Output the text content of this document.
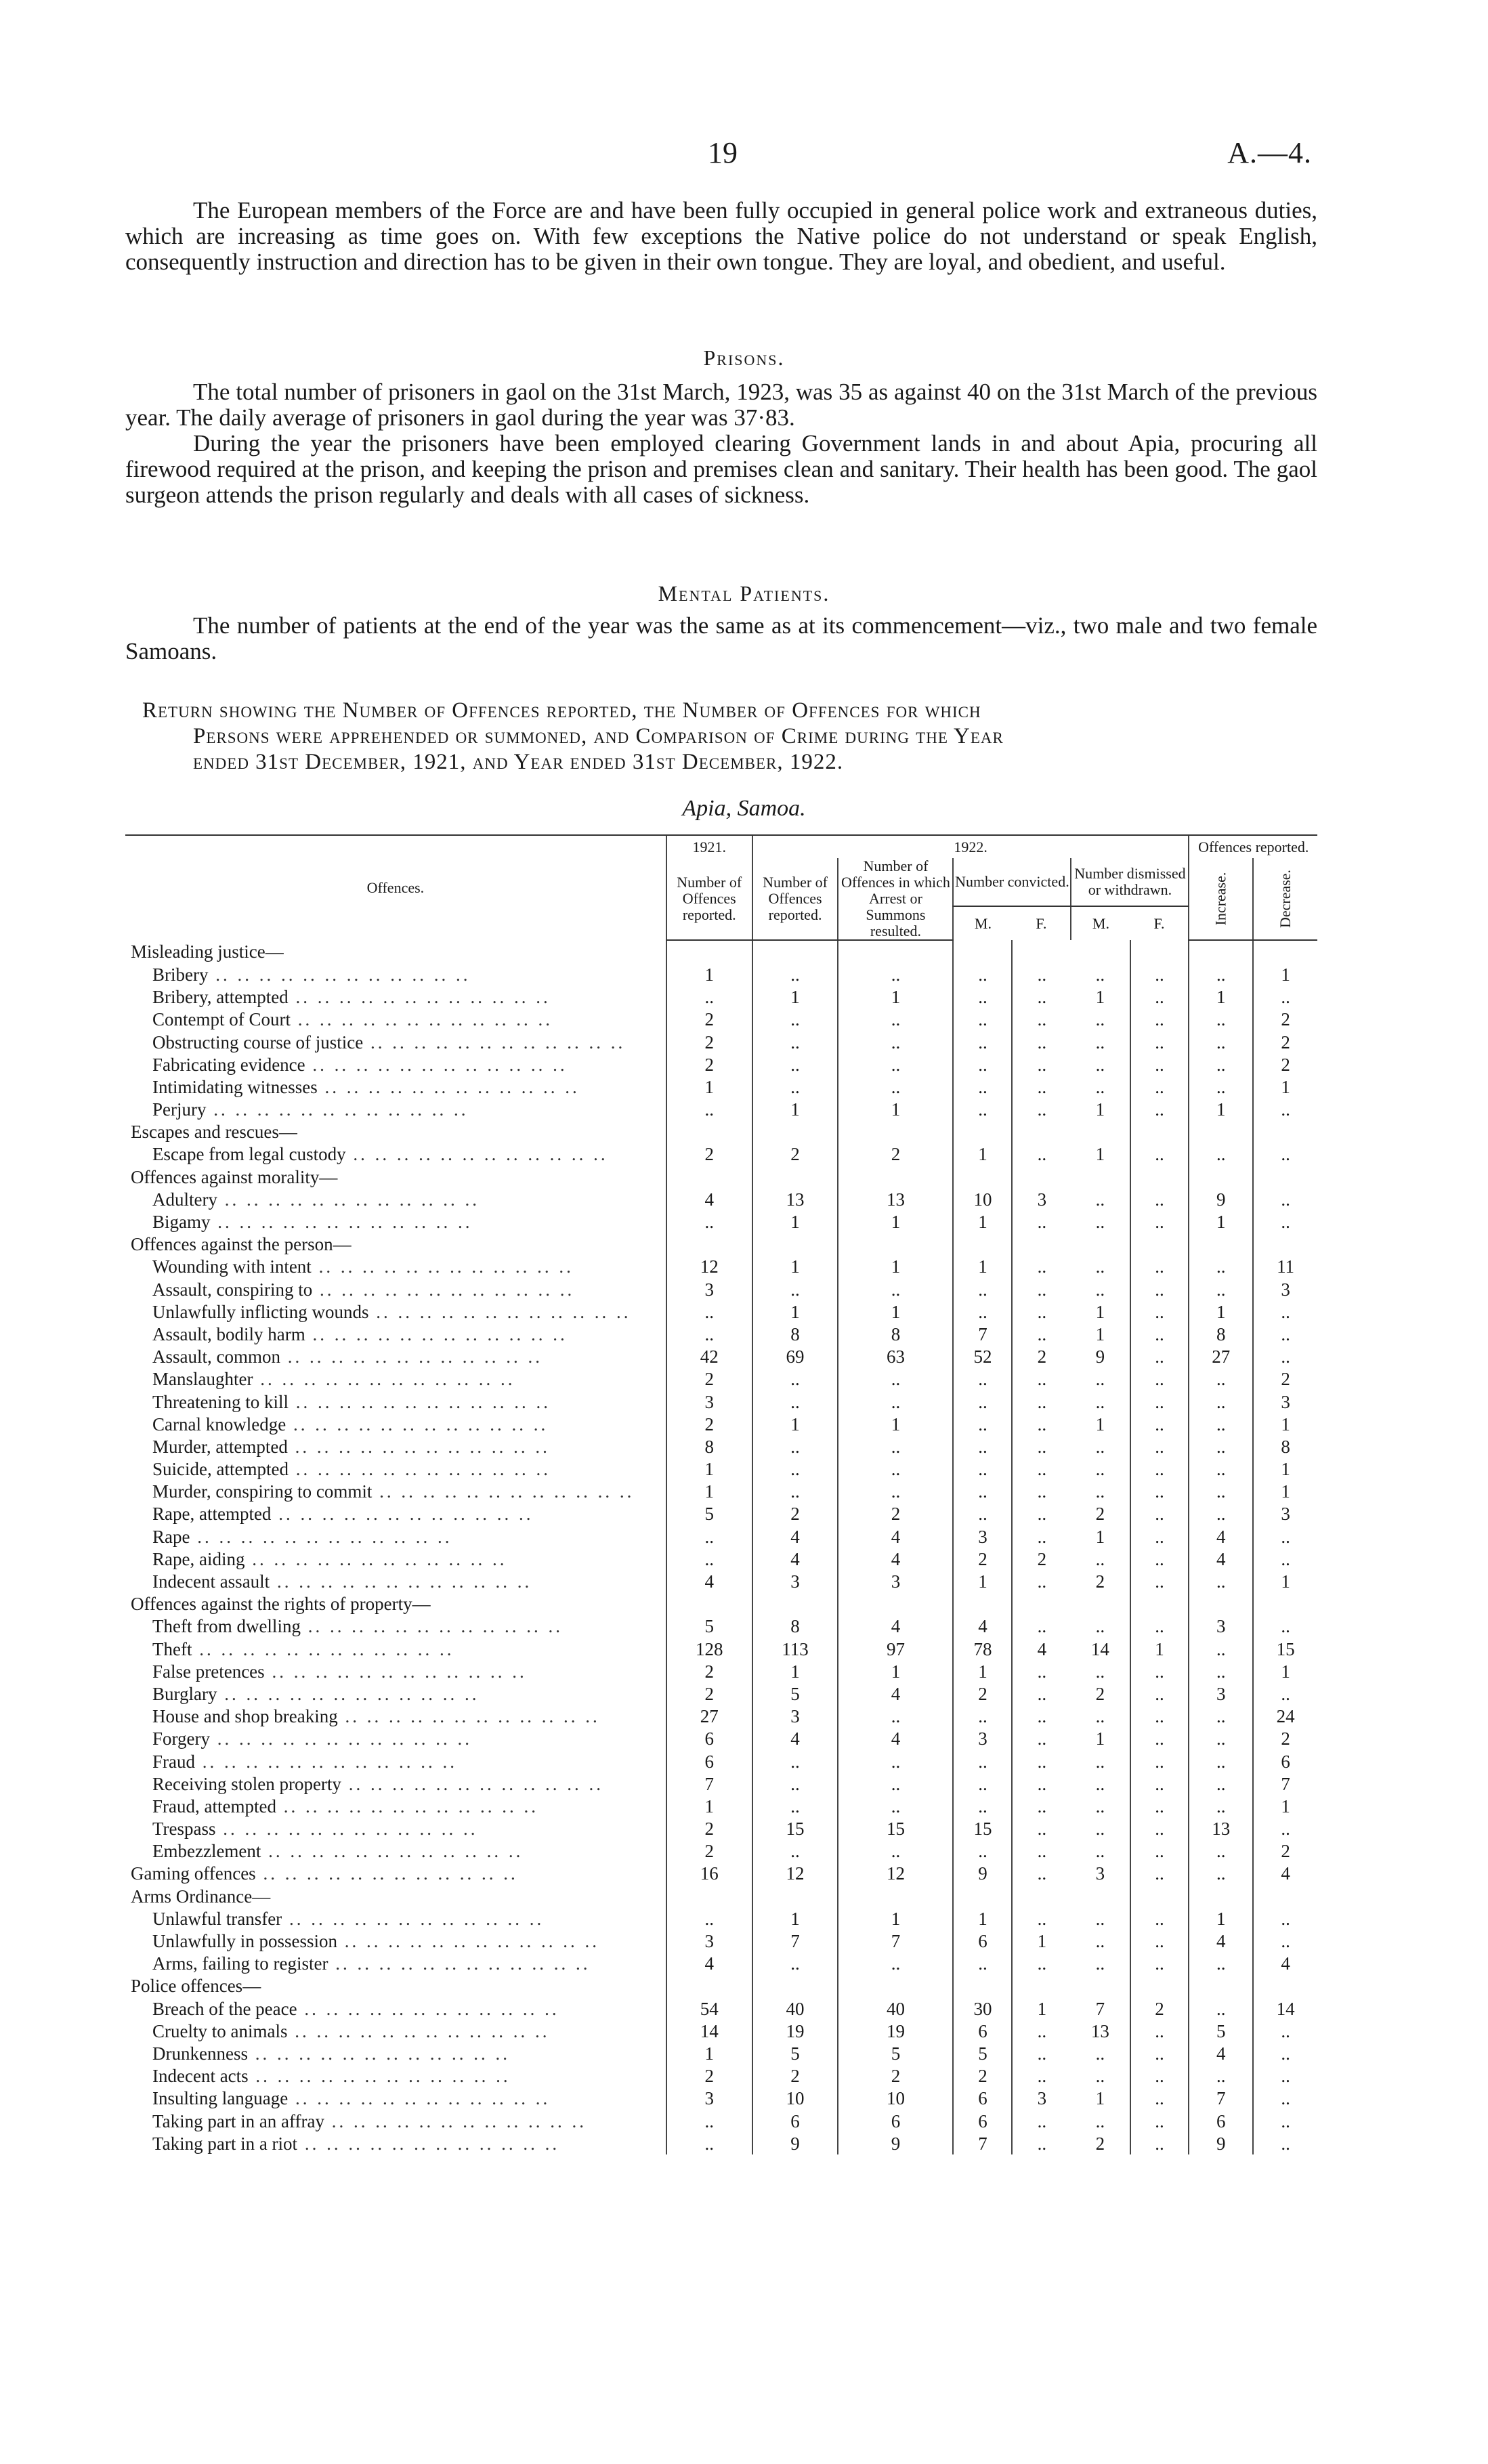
19	A.—4.

The European members of the Force are and have been fully occupied in general police work and extraneous duties, which are increasing as time goes on. With few exceptions the Native police do not understand or speak English, consequently instruction and direction has to be given in their own tongue. They are loyal, and obedient, and useful.

Prisons.

The total number of prisoners in gaol on the 31st March, 1923, was 35 as against 40 on the 31st March of the previous year. The daily average of prisoners in gaol during the year was 37·83.

During the year the prisoners have been employed clearing Government lands in and about Apia, procuring all firewood required at the prison, and keeping the prison and premises clean and sanitary. Their health has been good. The gaol surgeon attends the prison regularly and deals with all cases of sickness.

Mental Patients.

The number of patients at the end of the year was the same as at its commencement—viz., two male and two female Samoans.

Return showing the Number of Offences reported, the Number of Offences for which
Persons were apprehended or summoned, and Comparison of Crime during the Year
ended 31st December, 1921, and Year ended 31st December, 1922.
Apia, Samoa.
Offences.	1921.	1922.						Offences reported.	
	Number of Offences reported.	Number of Offences reported.	Number of Offences in which Arrest or Summons resulted.	Number convicted.		Number dismissed or withdrawn.		Increase.	Decrease.
				M.	F.	M.	F.		
Misleading justice—									
Bribery .. .. .. .. .. .. .. .. .. .. .. ..	1	..	..	..	..	..	..	..	1
Bribery, attempted .. .. .. .. .. .. .. .. .. .. .. ..	..	1	1	..	..	1	..	1	..
Contempt of Court .. .. .. .. .. .. .. .. .. .. .. ..	2	..	..	..	..	..	..	..	2
Obstructing course of justice .. .. .. .. .. .. .. .. .. .. .. ..	2	..	..	..	..	..	..	..	2
Fabricating evidence .. .. .. .. .. .. .. .. .. .. .. ..	2	..	..	..	..	..	..	..	2
Intimidating witnesses .. .. .. .. .. .. .. .. .. .. .. ..	1	..	..	..	..	..	..	..	1
Perjury .. .. .. .. .. .. .. .. .. .. .. ..	..	1	1	..	..	1	..	1	..
Escapes and rescues—									
Escape from legal custody .. .. .. .. .. .. .. .. .. .. .. ..	2	2	2	1	..	1	..	..	..
Offences against morality—									
Adultery .. .. .. .. .. .. .. .. .. .. .. ..	4	13	13	10	3	..	..	9	..
Bigamy .. .. .. .. .. .. .. .. .. .. .. ..	..	1	1	1	..	..	..	1	..
Offences against the person—									
Wounding with intent .. .. .. .. .. .. .. .. .. .. .. ..	12	1	1	1	..	..	..	..	11
Assault, conspiring to .. .. .. .. .. .. .. .. .. .. .. ..	3	..	..	..	..	..	..	..	3
Unlawfully inflicting wounds .. .. .. .. .. .. .. .. .. .. .. ..	..	1	1	..	..	1	..	1	..
Assault, bodily harm .. .. .. .. .. .. .. .. .. .. .. ..	..	8	8	7	..	1	..	8	..
Assault, common .. .. .. .. .. .. .. .. .. .. .. ..	42	69	63	52	2	9	..	27	..
Manslaughter .. .. .. .. .. .. .. .. .. .. .. ..	2	..	..	..	..	..	..	..	2
Threatening to kill .. .. .. .. .. .. .. .. .. .. .. ..	3	..	..	..	..	..	..	..	3
Carnal knowledge .. .. .. .. .. .. .. .. .. .. .. ..	2	1	1	..	..	1	..	..	1
Murder, attempted .. .. .. .. .. .. .. .. .. .. .. ..	8	..	..	..	..	..	..	..	8
Suicide, attempted .. .. .. .. .. .. .. .. .. .. .. ..	1	..	..	..	..	..	..	..	1
Murder, conspiring to commit .. .. .. .. .. .. .. .. .. .. .. ..	1	..	..	..	..	..	..	..	1
Rape, attempted .. .. .. .. .. .. .. .. .. .. .. ..	5	2	2	..	..	2	..	..	3
Rape .. .. .. .. .. .. .. .. .. .. .. ..	..	4	4	3	..	1	..	4	..
Rape, aiding .. .. .. .. .. .. .. .. .. .. .. ..	..	4	4	2	2	..	..	4	..
Indecent assault .. .. .. .. .. .. .. .. .. .. .. ..	4	3	3	1	..	2	..	..	1
Offences against the rights of property—									
Theft from dwelling .. .. .. .. .. .. .. .. .. .. .. ..	5	8	4	4	..	..	..	3	..
Theft .. .. .. .. .. .. .. .. .. .. .. ..	128	113	97	78	4	14	1	..	15
False pretences .. .. .. .. .. .. .. .. .. .. .. ..	2	1	1	1	..	..	..	..	1
Burglary .. .. .. .. .. .. .. .. .. .. .. ..	2	5	4	2	..	2	..	3	..
House and shop breaking .. .. .. .. .. .. .. .. .. .. .. ..	27	3	..	..	..	..	..	..	24
Forgery .. .. .. .. .. .. .. .. .. .. .. ..	6	4	4	3	..	1	..	..	2
Fraud .. .. .. .. .. .. .. .. .. .. .. ..	6	..	..	..	..	..	..	..	6
Receiving stolen property .. .. .. .. .. .. .. .. .. .. .. ..	7	..	..	..	..	..	..	..	7
Fraud, attempted .. .. .. .. .. .. .. .. .. .. .. ..	1	..	..	..	..	..	..	..	1
Trespass .. .. .. .. .. .. .. .. .. .. .. ..	2	15	15	15	..	..	..	13	..
Embezzlement .. .. .. .. .. .. .. .. .. .. .. ..	2	..	..	..	..	..	..	..	2
Gaming offences .. .. .. .. .. .. .. .. .. .. .. ..	16	12	12	9	..	3	..	..	4
Arms Ordinance—									
Unlawful transfer .. .. .. .. .. .. .. .. .. .. .. ..	..	1	1	1	..	..	..	1	..
Unlawfully in possession .. .. .. .. .. .. .. .. .. .. .. ..	3	7	7	6	1	..	..	4	..
Arms, failing to register .. .. .. .. .. .. .. .. .. .. .. ..	4	..	..	..	..	..	..	..	4
Police offences—									
Breach of the peace .. .. .. .. .. .. .. .. .. .. .. ..	54	40	40	30	1	7	2	..	14
Cruelty to animals .. .. .. .. .. .. .. .. .. .. .. ..	14	19	19	6	..	13	..	5	..
Drunkenness .. .. .. .. .. .. .. .. .. .. .. ..	1	5	5	5	..	..	..	4	..
Indecent acts .. .. .. .. .. .. .. .. .. .. .. ..	2	2	2	2	..	..	..	..	..
Insulting language .. .. .. .. .. .. .. .. .. .. .. ..	3	10	10	6	3	1	..	7	..
Taking part in an affray .. .. .. .. .. .. .. .. .. .. .. ..	..	6	6	6	..	..	..	6	..
Taking part in a riot .. .. .. .. .. .. .. .. .. .. .. ..	..	9	9	7	..	2	..	9	..
